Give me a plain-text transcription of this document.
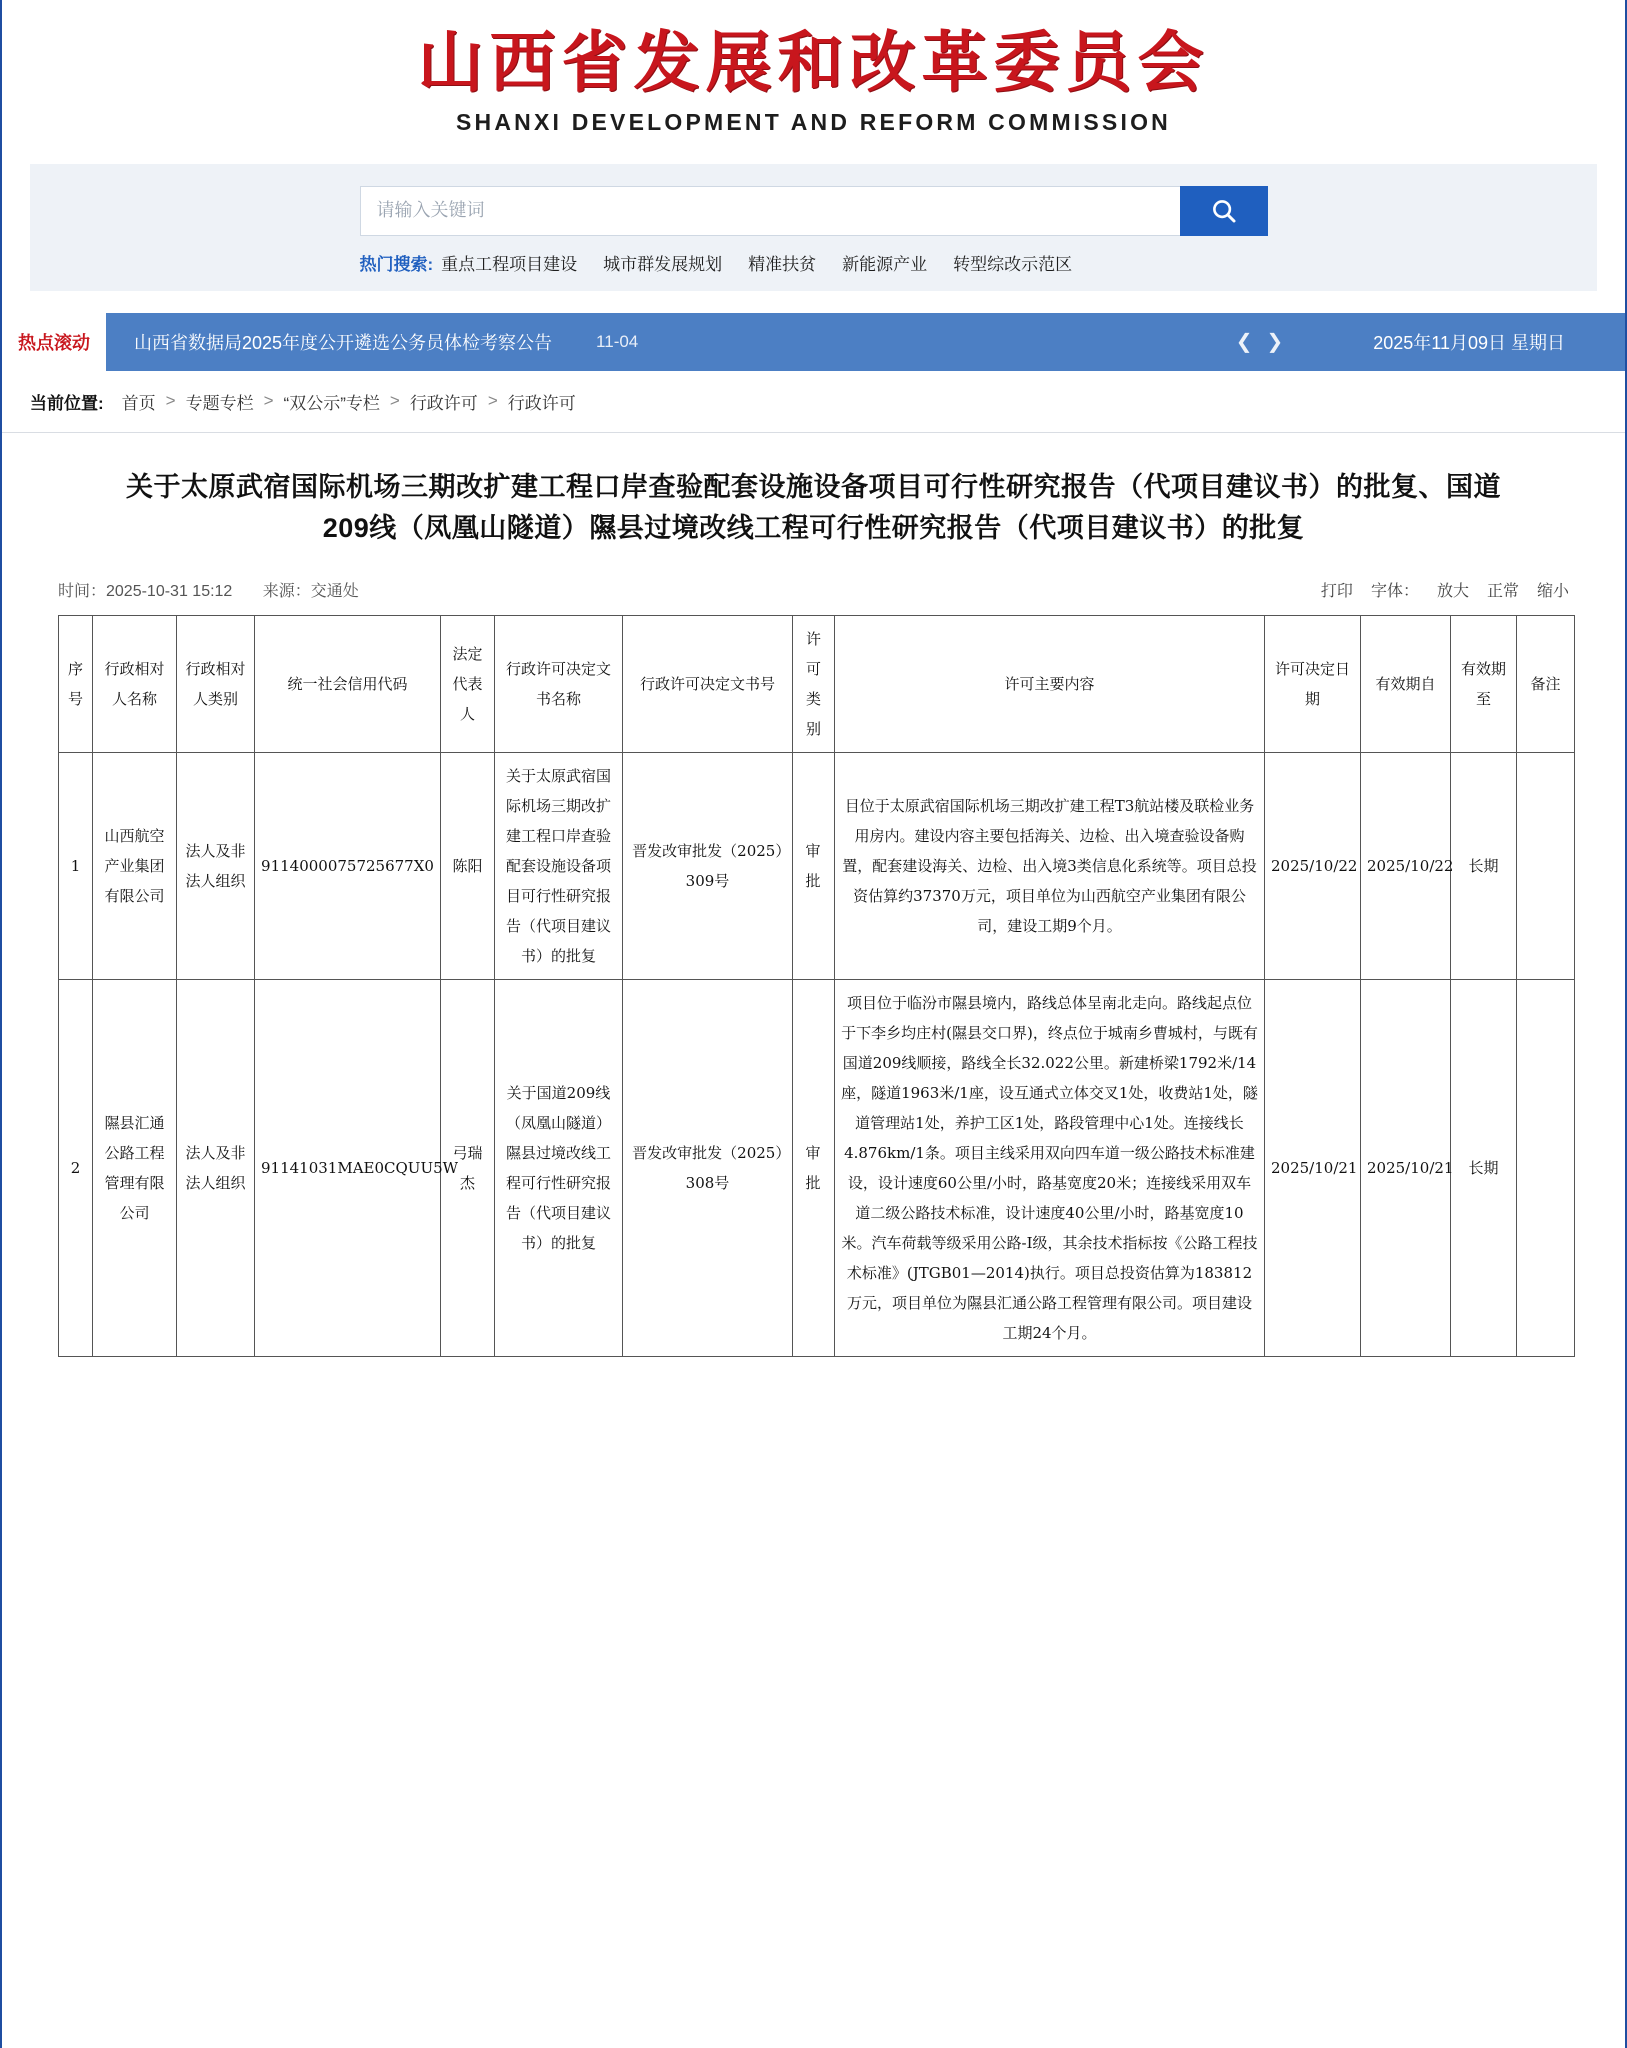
山西省发展和改革委员会
SHANXI DEVELOPMENT AND REFORM COMMISSION
请输入关键词
热门搜索: 重点工程项目建设 城市群发展规划 精准扶贫 新能源产业 转型综改示范区
热点滚动	山西省数据局2025年度公开遴选公务员体检考察公告	11-04	❮ ❯	2025年11月09日 星期日
当前位置: 首页 > 专题专栏 > “双公示”专栏 > 行政许可 > 行政许可
关于太原武宿国际机场三期改扩建工程口岸查验配套设施设备项目可行性研究报告（代项目建议书）的批复、国道209线（凤凰山隧道）隰县过境改线工程可行性研究报告（代项目建议书）的批复
时间：2025-10-31 15:12 来源：交通处	打印 字体： 放大 正常 缩小
序号	行政相对人名称	行政相对人类别	统一社会信用代码	法定代表人	行政许可决定文书名称	行政许可决定文书号	许可类别	许可主要内容	许可决定日期	有效期自	有效期至	备注
1	山西航空产业集团有限公司	法人及非法人组织	9114000075725677X0	陈阳	关于太原武宿国际机场三期改扩建工程口岸查验配套设施设备项目可行性研究报告（代项目建议书）的批复	晋发改审批发（2025）309号	审批	目位于太原武宿国际机场三期改扩建工程T3航站楼及联检业务用房内。建设内容主要包括海关、边检、出入境查验设备购置，配套建设海关、边检、出入境3类信息化系统等。项目总投资估算约37370万元，项目单位为山西航空产业集团有限公司，建设工期9个月。	2025/10/22	2025/10/22	长期	
2	隰县汇通公路工程管理有限公司	法人及非法人组织	91141031MAE0CQUU5W	弓瑞杰	关于国道209线（凤凰山隧道）隰县过境改线工程可行性研究报告（代项目建议书）的批复	晋发改审批发（2025）308号	审批	项目位于临汾市隰县境内，路线总体呈南北走向。路线起点位于下李乡均庄村(隰县交口界)，终点位于城南乡曹城村，与既有国道209线顺接，路线全长32.022公里。新建桥梁1792米/14座，隧道1963米/1座，设互通式立体交叉1处，收费站1处，隧道管理站1处，养护工区1处，路段管理中心1处。连接线长4.876km/1条。项目主线采用双向四车道一级公路技术标准建设，设计速度60公里/小时，路基宽度20米；连接线采用双车道二级公路技术标准，设计速度40公里/小时，路基宽度10米。汽车荷载等级采用公路-Ⅰ级，其余技术指标按《公路工程技术标准》(JTGB01—2014)执行。项目总投资估算为183812万元，项目单位为隰县汇通公路工程管理有限公司。项目建设工期24个月。	2025/10/21	2025/10/21	长期	
